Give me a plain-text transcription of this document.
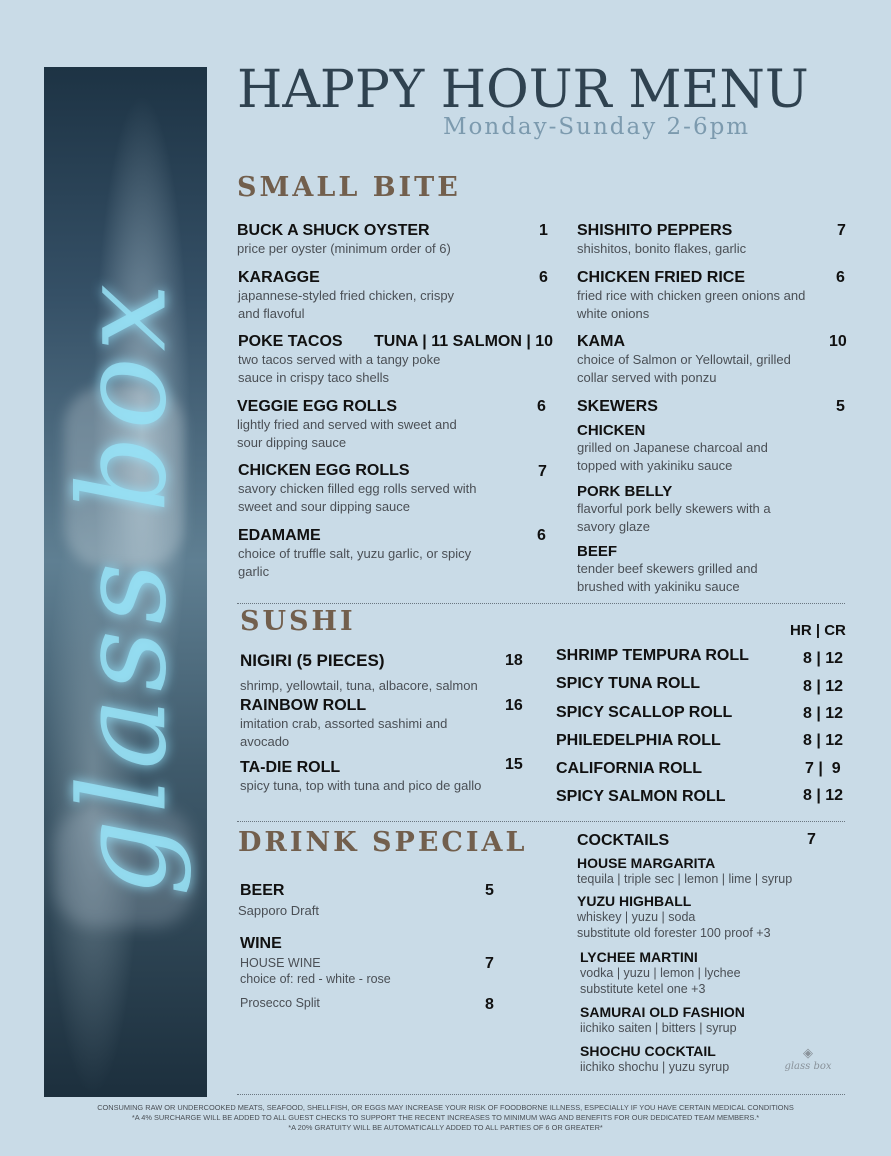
glass box
HAPPY HOUR MENU
Monday-Sunday 2-6pm
SMALL BITE
BUCK A SHUCK OYSTER
price per oyster (minimum order of 6)
1
KARAGGE
japannese-styled fried chicken, crispy and flavoful
6
POKE TACOS
two tacos served with a tangy poke sauce in crispy taco shells
TUNA | 11 SALMON | 10
VEGGIE EGG ROLLS
lightly fried and served with sweet and sour dipping sauce
6
CHICKEN EGG ROLLS
savory chicken filled egg rolls served with sweet and sour dipping sauce
7
EDAMAME
choice of truffle salt, yuzu garlic, or spicy garlic
6
SHISHITO PEPPERS
shishitos, bonito flakes, garlic
7
CHICKEN FRIED RICE
fried rice with chicken green onions and white onions
6
KAMA
choice of Salmon or Yellowtail, grilled collar served with ponzu
10
SKEWERS	5
CHICKEN
grilled on Japanese charcoal and topped with yakiniku sauce
PORK BELLY
flavorful pork belly skewers with a savory glaze
BEEF
tender beef skewers grilled and brushed with yakiniku sauce
SUSHI	HR | CR
NIGIRI (5 PIECES)	18
shrimp, yellowtail, tuna, albacore, salmon
RAINBOW ROLL	16
imitation crab, assorted sashimi and avocado
TA-DIE ROLL	15
spicy tuna, top with tuna and pico de gallo
SHRIMP TEMPURA ROLL	8 | 12
SPICY TUNA ROLL	8 | 12
SPICY SCALLOP ROLL	8 | 12
PHILEDELPHIA ROLL	8 | 12
CALIFORNIA ROLL	7 |  9
SPICY SALMON ROLL	8 | 12
DRINK SPECIAL
BEER	5
Sapporo Draft
WINE
HOUSE WINE	7
choice of: red - white - rose
Prosecco Split	8
COCKTAILS	7
HOUSE MARGARITA
tequila | triple sec | lemon | lime | syrup
YUZU HIGHBALL
whiskey | yuzu | soda
substitute old forester 100 proof +3
LYCHEE MARTINI
vodka | yuzu | lemon | lychee
substitute ketel one +3
SAMURAI OLD FASHION
iichiko saiten | bitters | syrup
SHOCHU COCKTAIL
iichiko shochu | yuzu syrup
◈
glass box
CONSUMING RAW OR UNDERCOOKED MEATS, SEAFOOD, SHELLFISH, OR EGGS MAY INCREASE YOUR RISK OF FOODBORNE ILLNESS, ESPECIALLY IF YOU HAVE CERTAIN MEDICAL CONDITIONS
*A 4% SURCHARGE WILL BE ADDED TO ALL GUEST CHECKS TO SUPPORT THE RECENT INCREASES TO MINIMUM WAG AND BENEFITS FOR OUR DEDICATED TEAM MEMBERS.*
*A 20% GRATUITY WILL BE AUTOMATICALLY ADDED TO ALL PARTIES OF 6 OR GREATER*
